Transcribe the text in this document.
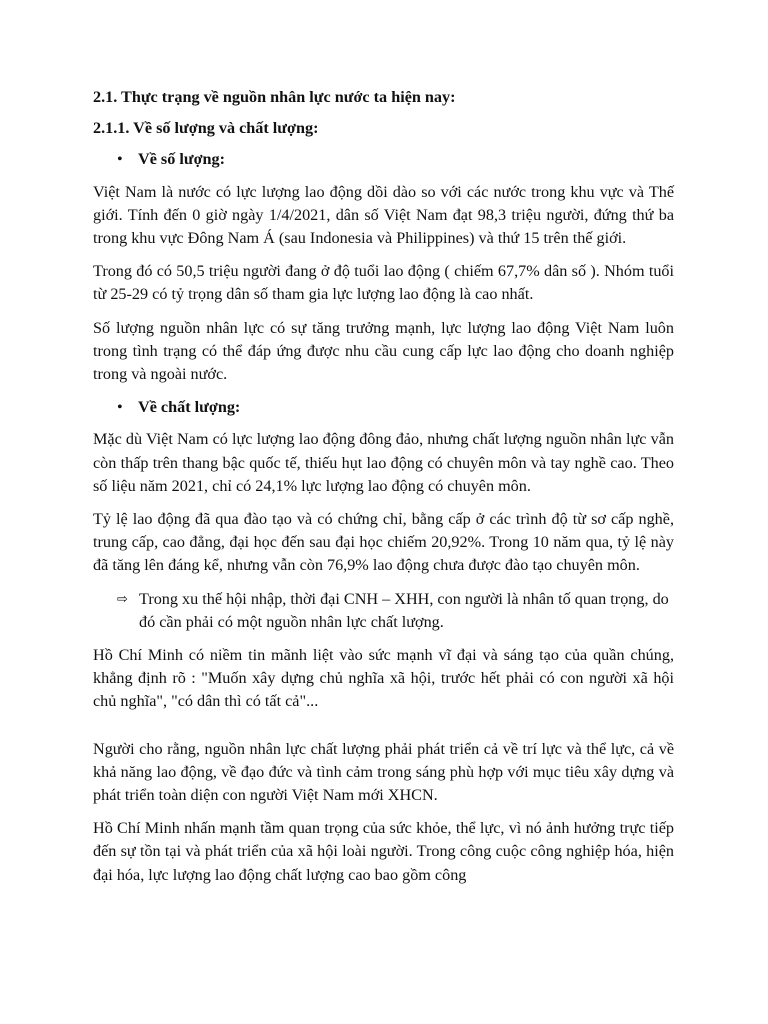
2.1. Thực trạng về nguồn nhân lực nước ta hiện nay:
2.1.1. Về số lượng và chất lượng:
• Về số lượng:

Việt Nam là nước có lực lượng lao động dồi dào so với các nước trong khu vực và Thế giới. Tính đến 0 giờ ngày 1/4/2021, dân số Việt Nam đạt 98,3 triệu người, đứng thứ ba trong khu vực Đông Nam Á (sau Indonesia và Philippines) và thứ 15 trên thế giới.

Trong đó có 50,5 triệu người đang ở độ tuổi lao động ( chiếm 67,7% dân số ). Nhóm tuổi từ 25-29 có tỷ trọng dân số tham gia lực lượng lao động là cao nhất.

Số lượng nguồn nhân lực có sự tăng trưởng mạnh, lực lượng lao động Việt Nam luôn trong tình trạng có thể đáp ứng được nhu cầu cung cấp lực lao động cho doanh nghiệp trong và ngoài nước.

• Về chất lượng:

Mặc dù Việt Nam có lực lượng lao động đông đảo, nhưng chất lượng nguồn nhân lực vẫn còn thấp trên thang bậc quốc tế, thiếu hụt lao động có chuyên môn và tay nghề cao. Theo số liệu năm 2021, chỉ có 24,1% lực lượng lao động có chuyên môn.

Tỷ lệ lao động đã qua đào tạo và có chứng chỉ, bằng cấp ở các trình độ từ sơ cấp nghề, trung cấp, cao đẳng, đại học đến sau đại học chiếm 20,92%. Trong 10 năm qua, tỷ lệ này đã tăng lên đáng kể, nhưng vẫn còn 76,9% lao động chưa được đào tạo chuyên môn.

⇨ Trong xu thế hội nhập, thời đại CNH – XHH, con người là nhân tố quan trọng, do đó cần phải có một nguồn nhân lực chất lượng.

Hồ Chí Minh có niềm tin mãnh liệt vào sức mạnh vĩ đại và sáng tạo của quần chúng, khẳng định rõ : "Muốn xây dựng chủ nghĩa xã hội, trước hết phải có con người xã hội chủ nghĩa", "có dân thì có tất cả"...

Người cho rằng, nguồn nhân lực chất lượng phải phát triển cả về trí lực và thể lực, cả về khả năng lao động, về đạo đức và tình cảm trong sáng phù hợp với mục tiêu xây dựng và phát triển toàn diện con người Việt Nam mới XHCN.

Hồ Chí Minh nhấn mạnh tầm quan trọng của sức khỏe, thể lực, vì nó ảnh hưởng trực tiếp đến sự tồn tại và phát triển của xã hội loài người. Trong công cuộc công nghiệp hóa, hiện đại hóa, lực lượng lao động chất lượng cao bao gồm công
